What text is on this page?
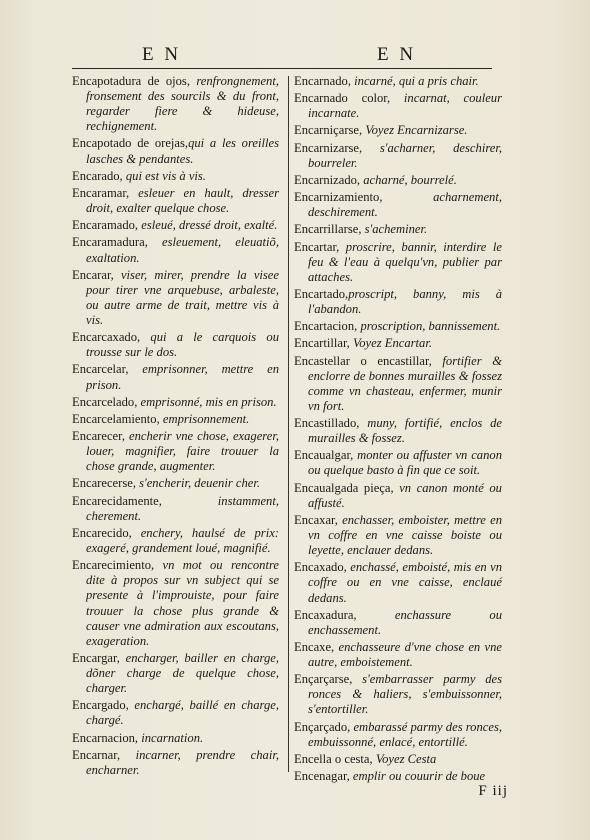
E N	E N

Encapotadura de ojos, renfrongnement, fronsement des sourcils & du front, regarder fiere & hideuse, rechignement.

Encapotado de orejas,qui a les oreilles lasches & pendantes.

Encarado, qui est vis à vis.

Encaramar, esleuer en hault, dresser droit, exalter quelque chose.

Encaramado, esleué, dressé droit, exalté.

Encaramadura, esleuement, eleuatiõ, exaltation.

Encarar, viser, mirer, prendre la visee pour tirer vne arquebuse, arbaleste, ou autre arme de trait, mettre vis à vis.

Encarcaxado, qui a le carquois ou trousse sur le dos.

Encarcelar, emprisonner, mettre en prison.

Encarcelado, emprisonné, mis en prison.

Encarcelamiento, emprisonnement.

Encarecer, encherir vne chose, exagerer, louer, magnifier, faire trouuer la chose grande, augmenter.

Encarecerse, s'encherir, deuenir cher.

Encarecidamente, instamment, cherement.

Encarecido, enchery, haulsé de prix: exageré, grandement loué, magnifié.

Encarecimiento, vn mot ou rencontre dite à propos sur vn subject qui se presente à l'improuiste, pour faire trouuer la chose plus grande & causer vne admiration aux escoutans, exageration.

Encargar, encharger, bailler en charge, dõner charge de quelque chose, charger.

Encargado, enchargé, baillé en charge, chargé.

Encarnacion, incarnation.

Encarnar, incarner, prendre chair, encharner.

Encarnado, incarné, qui a pris chair.

Encarnado color, incarnat, couleur incarnate.

Encarniçarse, Voyez Encarnizarse.

Encarnizarse, s'acharner, deschirer, bourreler.

Encarnizado, acharné, bourrelé.

Encarnizamiento, acharnement, deschirement.

Encarrillarse, s'acheminer.

Encartar, proscrire, bannir, interdire le feu & l'eau à quelqu'vn, publier par attaches.

Encartado,proscript, banny, mis à l'abandon.

Encartacion, proscription, bannissement.

Encartillar, Voyez Encartar.

Encastellar o encastillar, fortifier & enclorre de bonnes murailles & fossez comme vn chasteau, enfermer, munir vn fort.

Encastillado, muny, fortifié, enclos de murailles & fossez.

Encaualgar, monter ou affuster vn canon ou quelque basto à fin que ce soit.

Encaualgada pieça, vn canon monté ou affusté.

Encaxar, enchasser, emboister, mettre en vn coffre en vne caisse boiste ou leyette, enclauer dedans.

Encaxado, enchassé, emboisté, mis en vn coffre ou en vne caisse, enclaué dedans.

Encaxadura, enchassure ou enchassement.

Encaxe, enchasseure d'vne chose en vne autre, emboistement.

Ençarçarse, s'embarrasser parmy des ronces & haliers, s'embuissonner, s'entortiller.

Ençarçado, embarassé parmy des ronces, embuissonné, enlacé, entortillé.

Encella o cesta, Voyez Cesta

Encenagar, emplir ou couurir de boue

F iij
